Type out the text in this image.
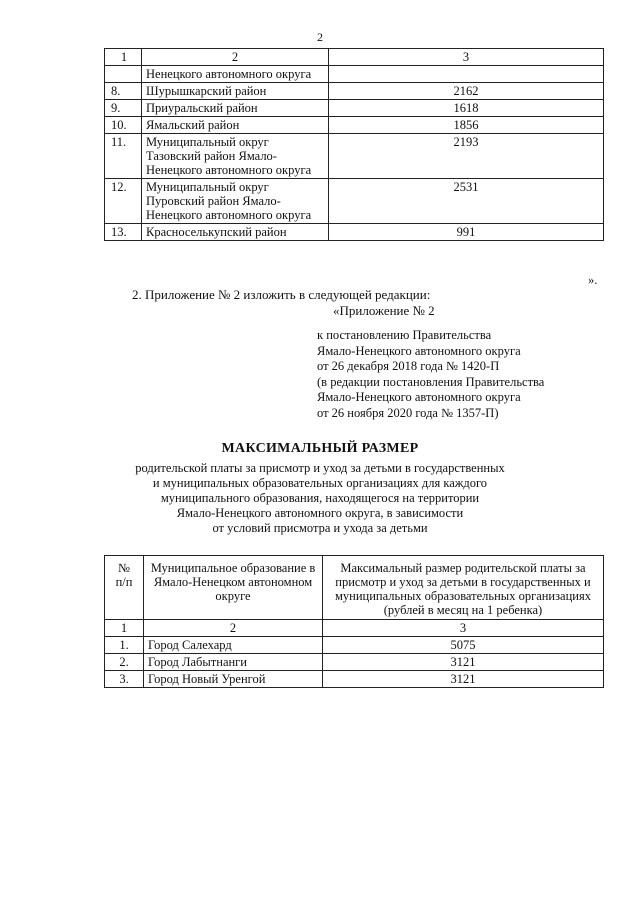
2
1	2	3
	Ненецкого автономного округа	
8.	Шурышкарский район	2162
9.	Приуральский район	1618
10.	Ямальский район	1856
11.	Муниципальный округ Тазовский район Ямало-Ненецкого автономного округа	2193
12.	Муниципальный округ Пуровский район Ямало-Ненецкого автономного округа	2531
13.	Красноселькупский район	991
».
2. Приложение № 2 изложить в следующей редакции:
«Приложение № 2
к постановлению Правительства
Ямало-Ненецкого автономного округа
от 26 декабря 2018 года № 1420-П
(в редакции постановления Правительства
Ямало-Ненецкого автономного округа
от 26 ноября 2020 года № 1357-П)
МАКСИМАЛЬНЫЙ РАЗМЕР
родительской платы за присмотр и уход за детьми в государственных
и муниципальных образовательных организациях для каждого
муниципального образования, находящегося на территории
Ямало-Ненецкого автономного округа, в зависимости
от условий присмотра и ухода за детьми
№
п/п	Муниципальное образование в Ямало-Ненецком автономном округе	Максимальный размер родительской платы за присмотр и уход за детьми в государственных и муниципальных образовательных организациях (рублей в месяц на 1 ребенка)
1	2	3
1.	Город Салехард	5075
2.	Город Лабытнанги	3121
3.	Город Новый Уренгой	3121
